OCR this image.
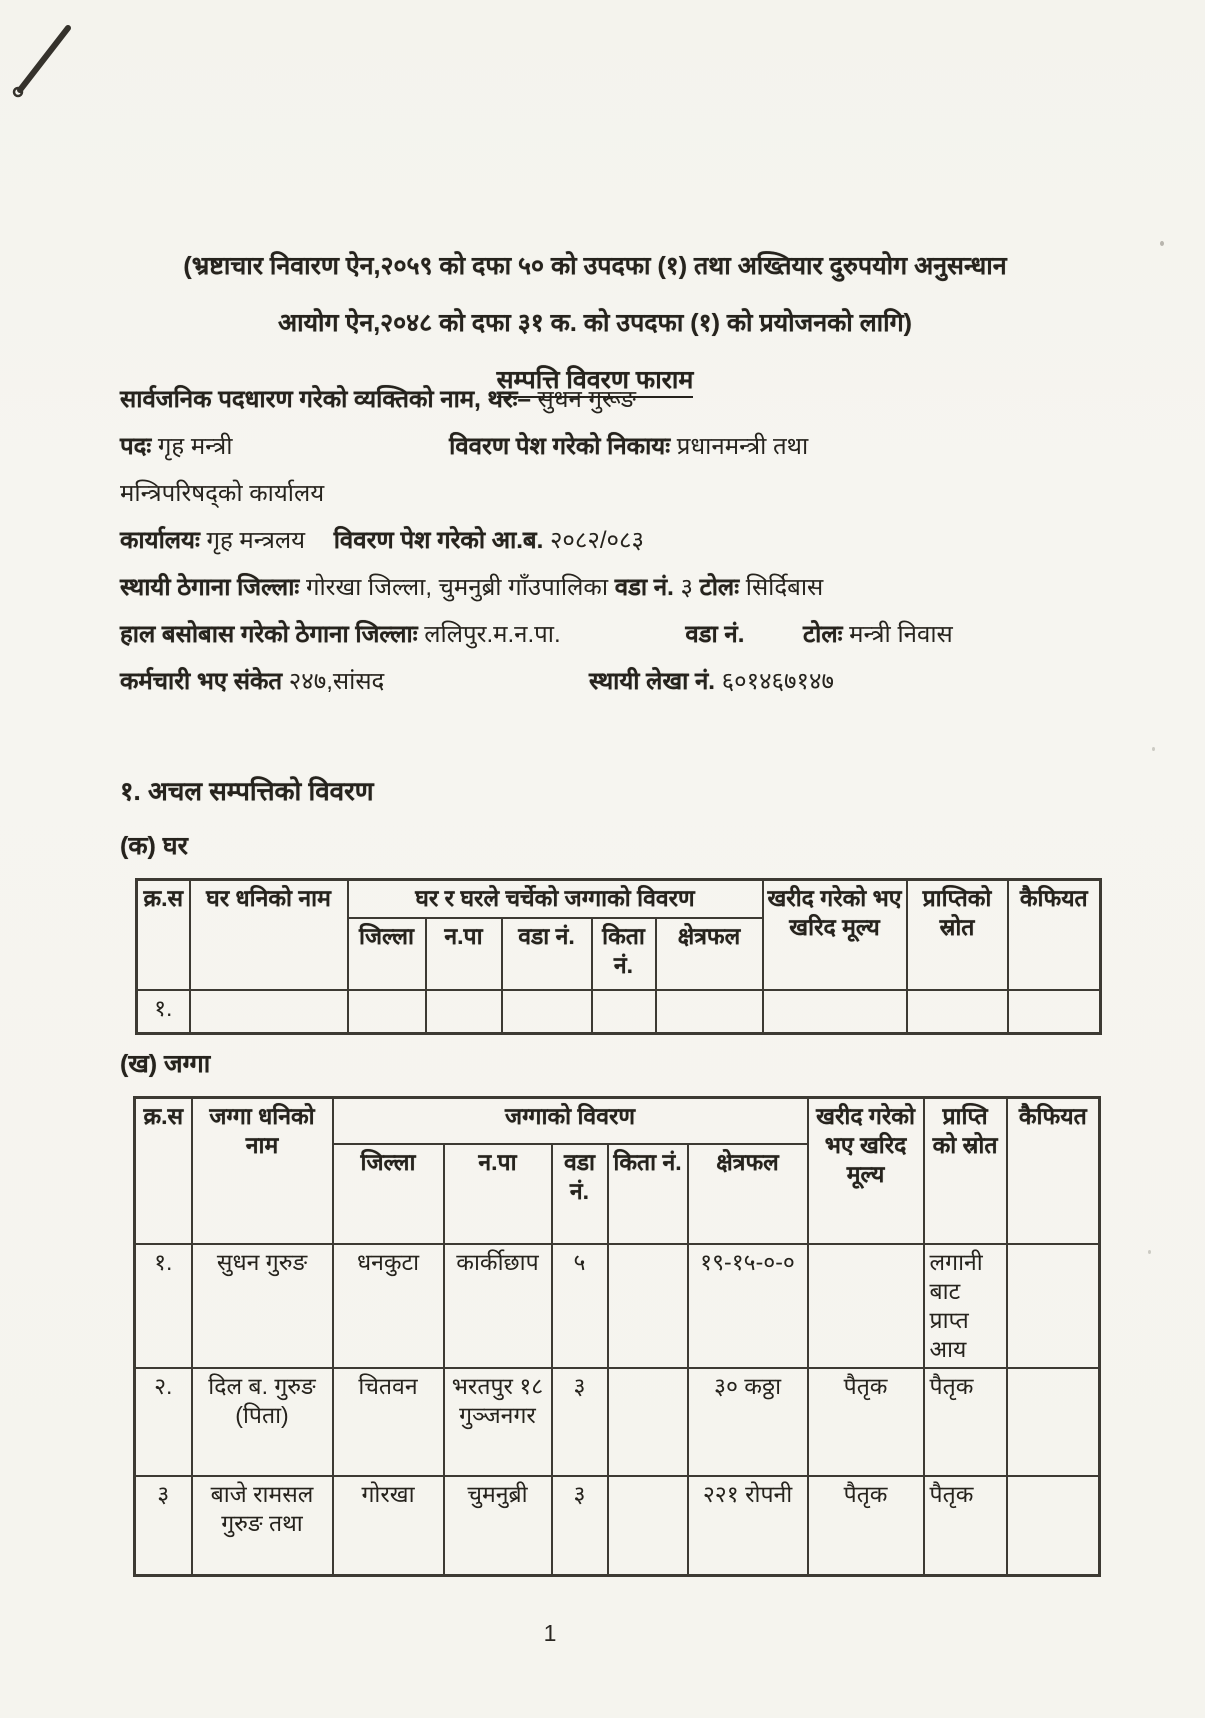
(भ्रष्टाचार निवारण ऐन,२०५९ को दफा ५० को उपदफा (१) तथा अख्तियार दुरुपयोग अनुसन्धान
आयोग ऐन,२०४८ को दफा ३१ क. को उपदफा (१) को प्रयोजनको लागि)
सम्पत्ति विवरण फाराम
सार्वजनिक पदधारण गरेको व्यक्तिको नाम, थरः– सुधन गुरूङ
पदः गृह मन्त्री	विवरण पेश गरेको निकायः प्रधानमन्त्री तथा
मन्त्रिपरिषद्को कार्यालय
कार्यालयः गृह मन्त्रलय विवरण पेश गरेको आ.ब. २०८२/०८३
स्थायी ठेगाना जिल्लाः गोरखा जिल्ला, चुमनुब्री गाँउपालिका वडा नं. ३ टोलः सिर्दिबास
हाल बसोबास गरेको ठेगाना जिल्लाः ललिपुर.म.न.पा.	वडा नं. टोलः मन्त्री निवास
कर्मचारी भए संकेत २४७,सांसद	स्थायी लेखा नं. ६०१४६७१४७
१. अचल सम्पत्तिको विवरण
(क) घर
क्र.स	घर धनिको नाम	घर र घरले चर्चेको जग्गाको विवरण					खरीद गरेको भए खरिद मूल्य	प्राप्तिको स्रोत	कैफियत
		जिल्ला	न.पा	वडा नं.	किता नं.	क्षेत्रफल			
१.									
(ख) जग्गा
क्र.स	जग्गा धनिको नाम	जग्गाको विवरण					खरीद गरेको भए खरिद मूल्य	प्राप्ति को स्रोत	कैफियत
		जिल्ला	न.पा	वडा नं.	किता नं.	क्षेत्रफल			
१.	सुधन गुरुङ	धनकुटा	कार्कीछाप	५		१९-१५-०-०		लगानी बाट प्राप्त आय	
२.	दिल ब. गुरुङ (पिता)	चितवन	भरतपुर १८ गुञ्जनगर	३		३० कठ्ठा	पैतृक	पैतृक	
३	बाजे रामसल गुरुङ तथा	गोरखा	चुमनुब्री	३		२२१ रोपनी	पैतृक	पैतृक	
1
